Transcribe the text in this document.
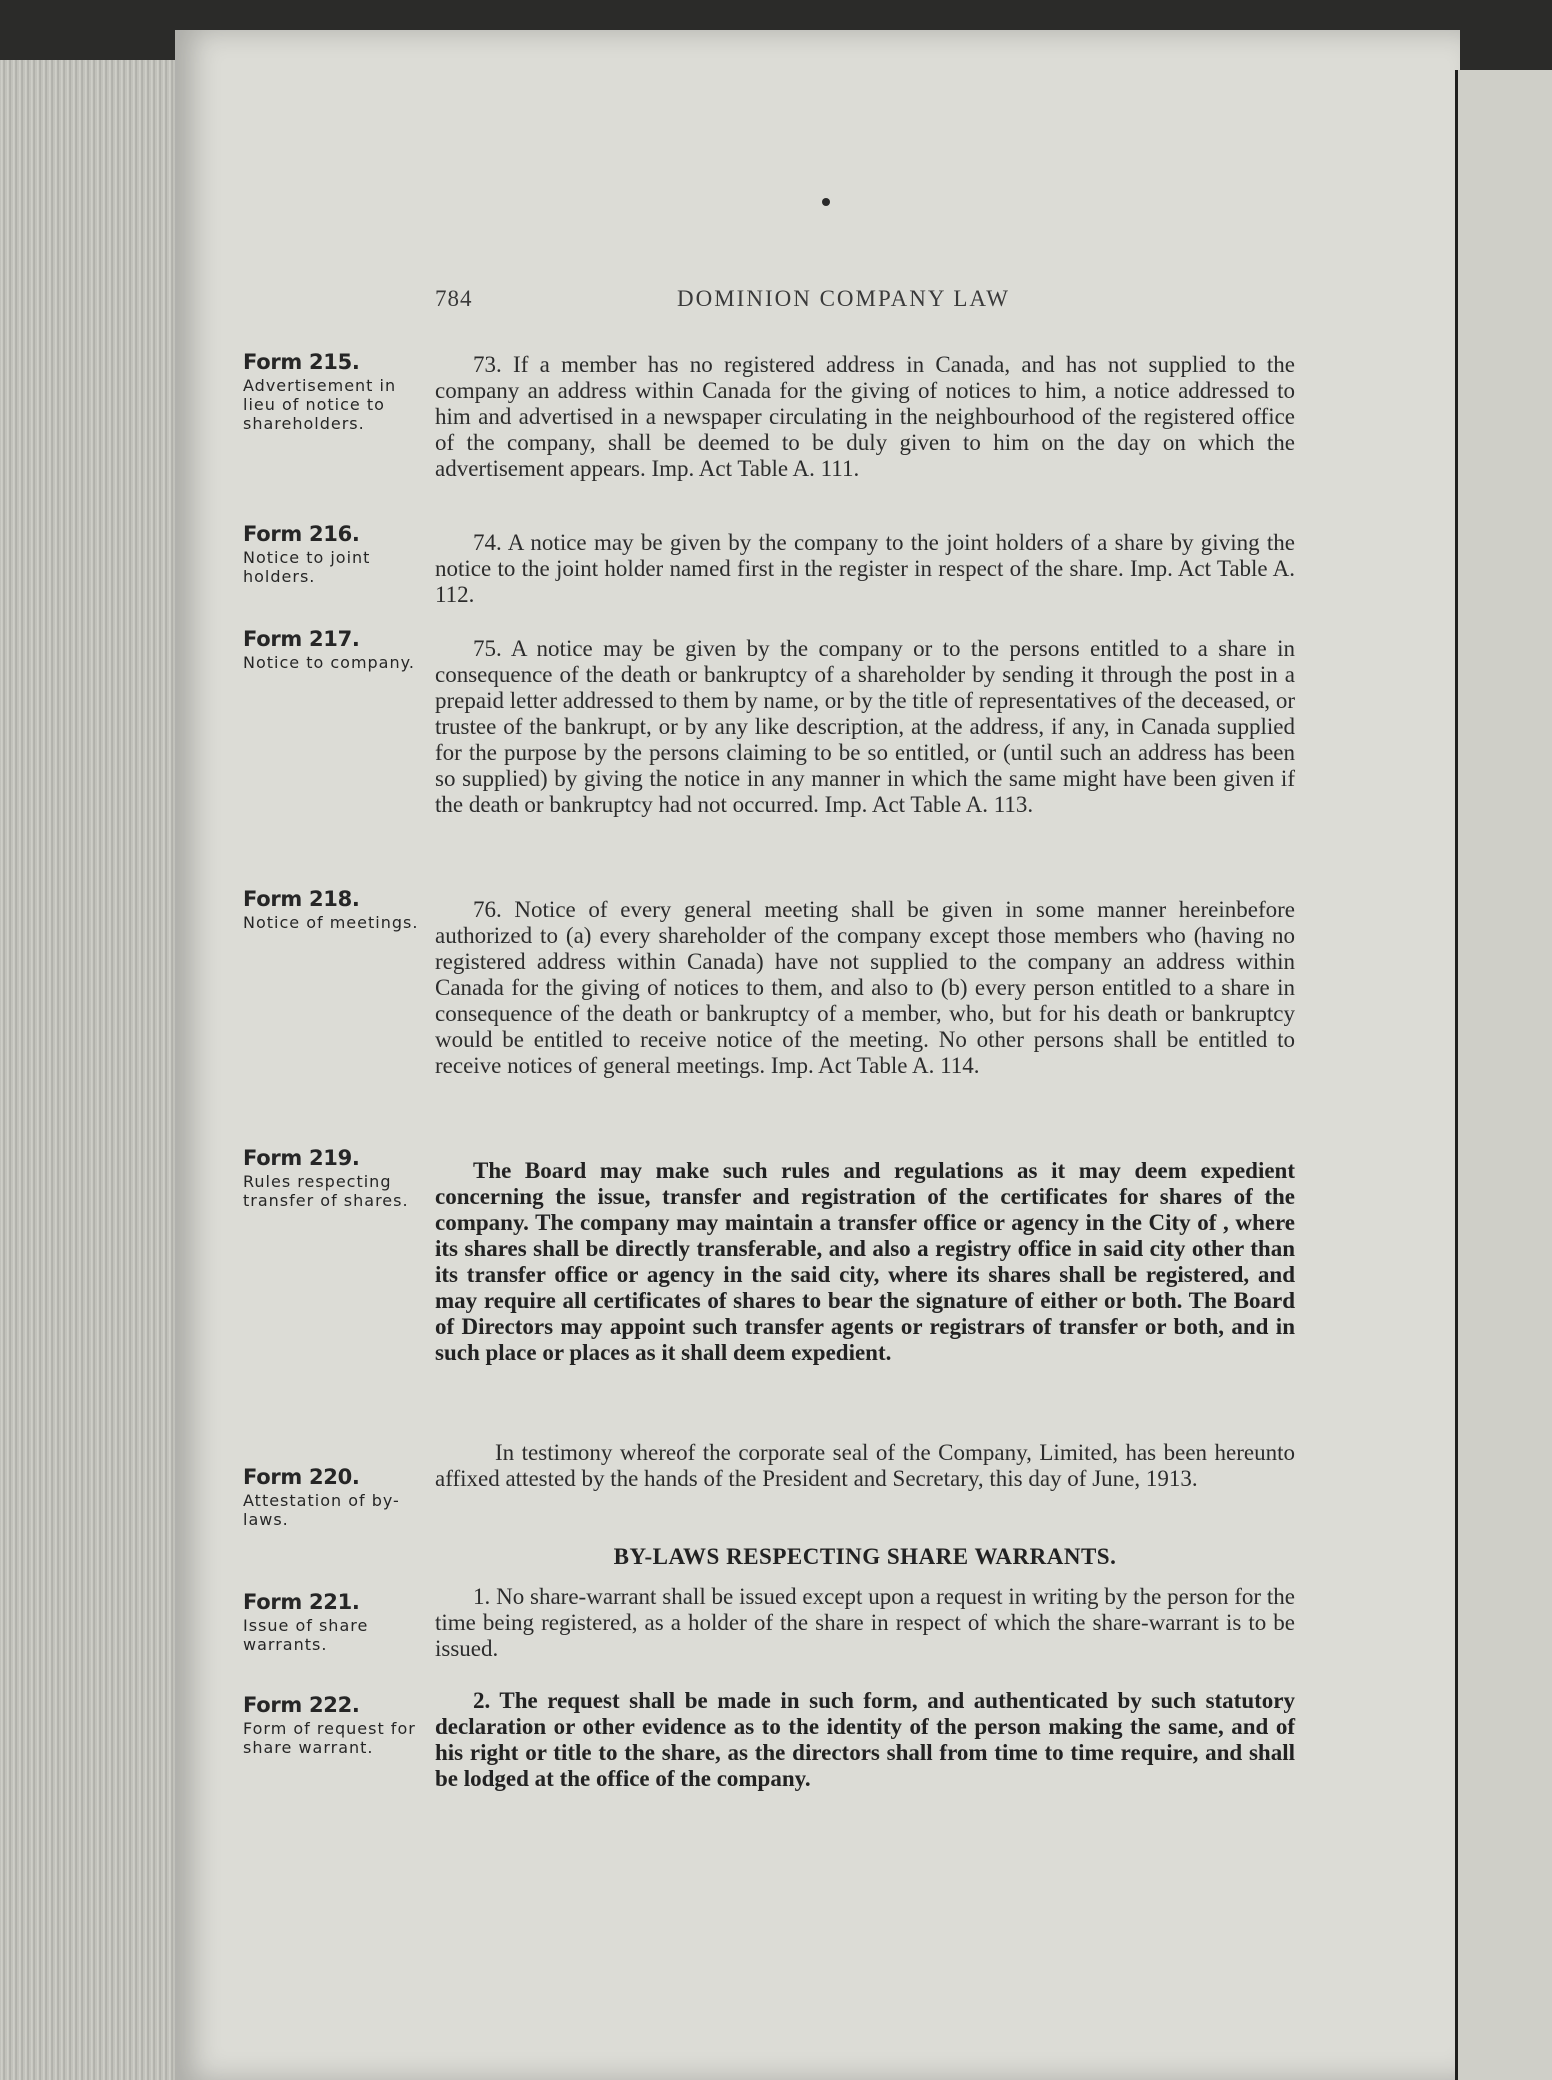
784	DOMINION COMPANY LAW
Form 215.
Advertisement in lieu of notice to shareholders.

73. If a member has no registered address in Canada, and has not supplied to the company an address within Canada for the giving of notices to him, a notice addressed to him and advertised in a newspaper circulating in the neighbourhood of the registered office of the company, shall be deemed to be duly given to him on the day on which the advertisement appears. Imp. Act Table A. 111.

Form 216.
Notice to joint holders.

74. A notice may be given by the company to the joint holders of a share by giving the notice to the joint holder named first in the register in respect of the share. Imp. Act Table A. 112.

Form 217.
Notice to company.

75. A notice may be given by the company or to the persons entitled to a share in consequence of the death or bankruptcy of a shareholder by sending it through the post in a prepaid letter addressed to them by name, or by the title of representatives of the deceased, or trustee of the bankrupt, or by any like description, at the address, if any, in Canada supplied for the purpose by the persons claiming to be so entitled, or (until such an address has been so supplied) by giving the notice in any manner in which the same might have been given if the death or bankruptcy had not occurred. Imp. Act Table A. 113.

Form 218.
Notice of meetings.

76. Notice of every general meeting shall be given in some manner hereinbefore authorized to (a) every shareholder of the company except those members who (having no registered address within Canada) have not supplied to the company an address within Canada for the giving of notices to them, and also to (b) every person entitled to a share in consequence of the death or bankruptcy of a member, who, but for his death or bankruptcy would be entitled to receive notice of the meeting. No other persons shall be entitled to receive notices of general meetings. Imp. Act Table A. 114.

Form 219.
Rules respecting transfer of shares.

The Board may make such rules and regulations as it may deem expedient concerning the issue, transfer and registration of the certificates for shares of the company. The company may maintain a transfer office or agency in the City of , where its shares shall be directly transferable, and also a registry office in said city other than its transfer office or agency in the said city, where its shares shall be registered, and may require all certificates of shares to bear the signature of either or both. The Board of Directors may appoint such transfer agents or registrars of transfer or both, and in such place or places as it shall deem expedient.

Form 220.
Attestation of by-laws.

In testimony whereof the corporate seal of the Company, Limited, has been hereunto affixed attested by the hands of the President and Secretary, this day of June, 1913.

BY-LAWS RESPECTING SHARE WARRANTS.
Form 221.
Issue of share warrants.

1. No share-warrant shall be issued except upon a request in writing by the person for the time being registered, as a holder of the share in respect of which the share-warrant is to be issued.

Form 222.
Form of request for share warrant.

2. The request shall be made in such form, and authenticated by such statutory declaration or other evidence as to the identity of the person making the same, and of his right or title to the share, as the directors shall from time to time require, and shall be lodged at the office of the company.
